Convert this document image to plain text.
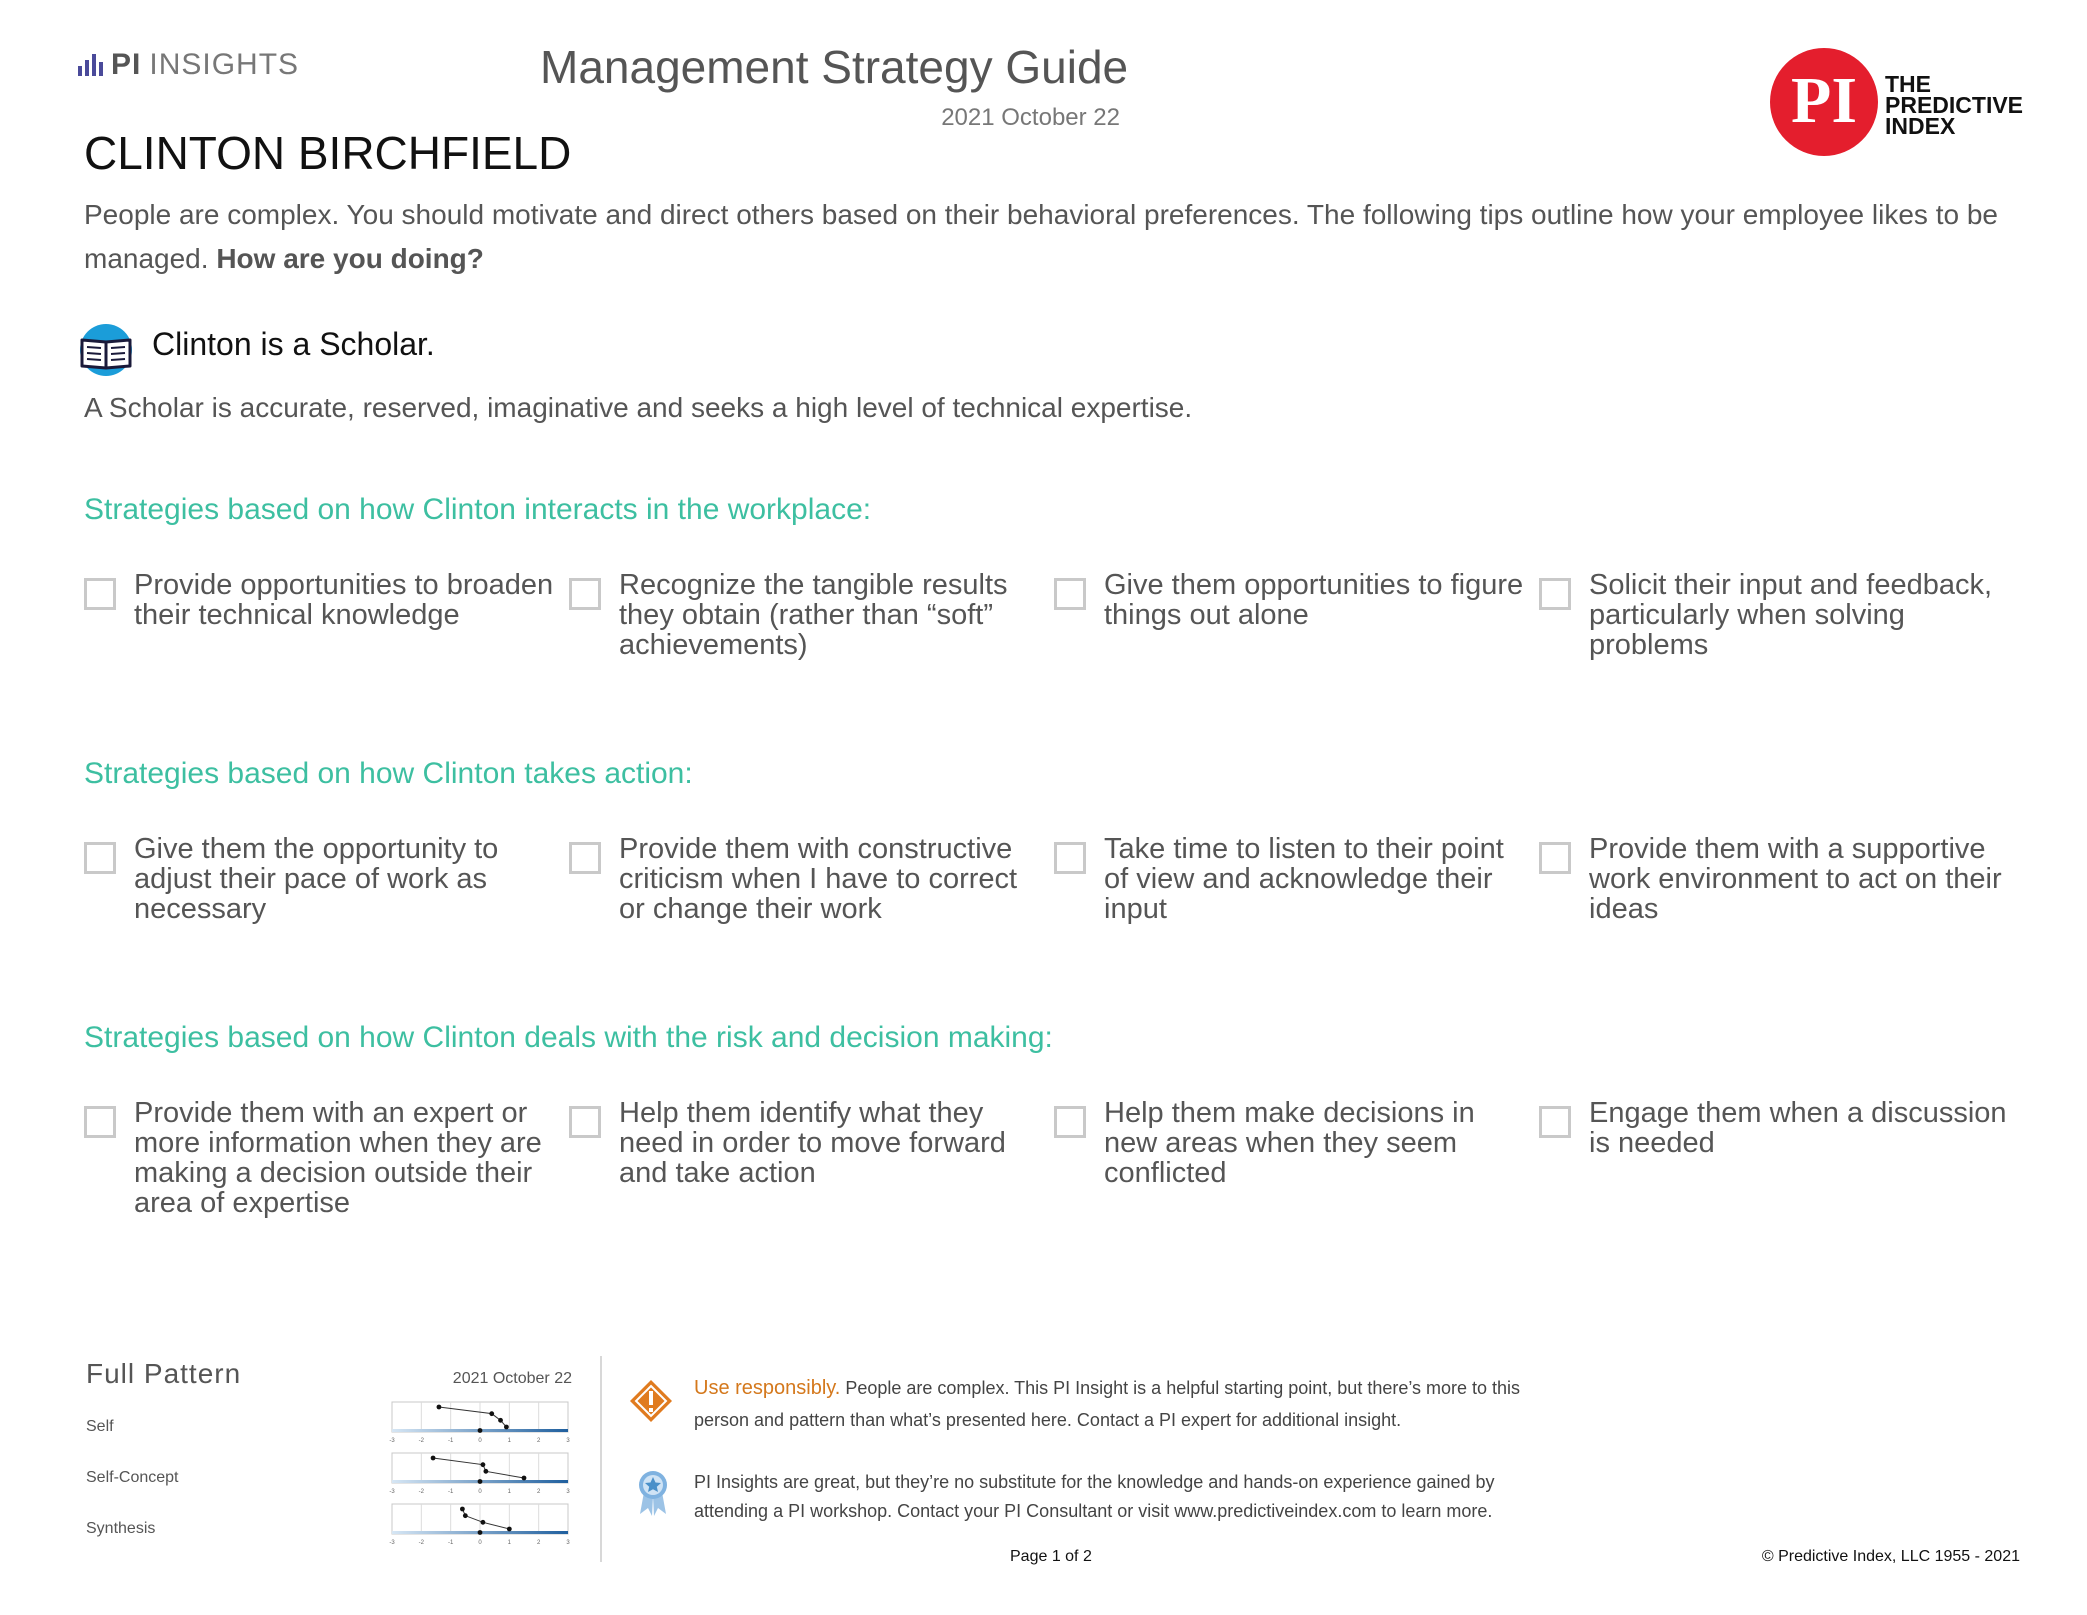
PI INSIGHTS	Management Strategy Guide
2021 October 22	PI	THE
PREDICTIVE
INDEX
CLINTON BIRCHFIELD
People are complex. You should motivate and direct others based on their behavioral preferences. The following tips outline how your employee likes to be managed. How are you doing?
Clinton is a Scholar.
A Scholar is accurate, reserved, imaginative and seeks a high level of technical expertise.
Strategies based on how Clinton interacts in the workplace:
Provide opportunities to broaden their technical knowledge
Recognize the tangible results they obtain (rather than “soft” achievements)
Give them opportunities to figure things out alone
Solicit their input and feedback, particularly when solving problems
Strategies based on how Clinton takes action:
Give them the opportunity to adjust their pace of work as necessary
Provide them with constructive criticism when I have to correct or change their work
Take time to listen to their point of view and acknowledge their input
Provide them with a supportive work environment to act on their ideas
Strategies based on how Clinton deals with the risk and decision making:
Provide them with an expert or more information when they are making a decision outside their area of expertise
Help them identify what they need in order to move forward and take action
Help them make decisions in new areas when they seem conflicted
Engage them when a discussion is needed
Full Pattern	2021 October 22
Self
Self-Concept
Synthesis
-3	-2	-1	0	1	2	3
-3	-2	-1	0	1	2	3
-3	-2	-1	0	1	2	3
Use responsibly. People are complex. This PI Insight is a helpful starting point, but there’s more to this person and pattern than what’s presented here. Contact a PI expert for additional insight.
PI Insights are great, but they’re no substitute for the knowledge and hands-on experience gained by attending a PI workshop. Contact your PI Consultant or visit www.predictiveindex.com to learn more.
Page 1 of 2	© Predictive Index, LLC 1955 - 2021
